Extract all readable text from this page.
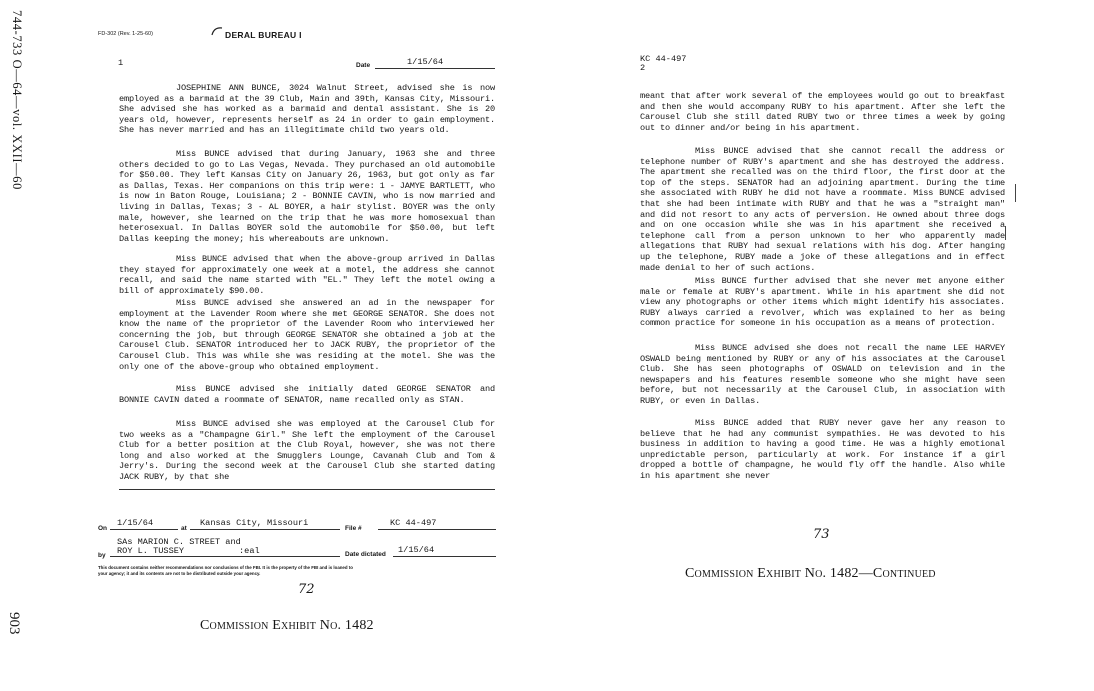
744-733 O—64—vol. XXII—60
903
FD-302 (Rev. 1-25-60)	DERAL BUREAU I
1	Date	1/15/64
JOSEPHINE ANN BUNCE, 3024 Walnut Street, advised she is now employed as a barmaid at the 39 Club, Main and 39th, Kansas City, Missouri. She advised she has worked as a barmaid and dental assistant. She is 20 years old, however, represents herself as 24 in order to gain employment. She has never married and has an illegitimate child two years old.
Miss BUNCE advised that during January, 1963 she and three others decided to go to Las Vegas, Nevada. They purchased an old automobile for $50.00. They left Kansas City on January 26, 1963, but got only as far as Dallas, Texas. Her companions on this trip were: 1 - JAMYE BARTLETT, who is now in Baton Rouge, Louisiana; 2 - BONNIE CAVIN, who is now married and living in Dallas, Texas; 3 - AL BOYER, a hair stylist. BOYER was the only male, however, she learned on the trip that he was more homosexual than heterosexual. In Dallas BOYER sold the automobile for $50.00, but left Dallas keeping the money; his whereabouts are unknown.
Miss BUNCE advised that when the above-group arrived in Dallas they stayed for approximately one week at a motel, the address she cannot recall, and said the name started with "EL." They left the motel owing a bill of approximately $90.00.
Miss BUNCE advised she answered an ad in the newspaper for employment at the Lavender Room where she met GEORGE SENATOR. She does not know the name of the proprietor of the Lavender Room who interviewed her concerning the job, but through GEORGE SENATOR she obtained a job at the Carousel Club. SENATOR introduced her to JACK RUBY, the proprietor of the Carousel Club. This was while she was residing at the motel. She was the only one of the above-group who obtained employment.
Miss BUNCE advised she initially dated GEORGE SENATOR and BONNIE CAVIN dated a roommate of SENATOR, name recalled only as STAN.
Miss BUNCE advised she was employed at the Carousel Club for two weeks as a "Champagne Girl." She left the employment of the Carousel Club for a better position at the Club Royal, however, she was not there long and also worked at the Smugglers Lounge, Cavanah Club and Tom & Jerry's. During the second week at the Carousel Club she started dating JACK RUBY, by that she
On
1/15/64
at
Kansas City, Missouri
File #
KC 44-497
SAs MARION C. STREET and
by ROY L. TUSSEY	:eal	Date dictated 1/15/64
This document contains neither recommendations nor conclusions of the FBI. It is the property of the FBI and is loaned to
your agency; it and its contents are not to be distributed outside your agency.
72
Commission Exhibit No. 1482
KC 44-497
2
meant that after work several of the employees would go out to breakfast and then she would accompany RUBY to his apartment. After she left the Carousel Club she still dated RUBY two or three times a week by going out to dinner and/or being in his apartment.
Miss BUNCE advised that she cannot recall the address or telephone number of RUBY's apartment and she has destroyed the address. The apartment she recalled was on the third floor, the first door at the top of the steps. SENATOR had an adjoining apartment. During the time she associated with RUBY he did not have a roommate. Miss BUNCE advised that she had been intimate with RUBY and that he was a "straight man" and did not resort to any acts of perversion. He owned about three dogs and on one occasion while she was in his apartment she received a telephone call from a person unknown to her who apparently made allegations that RUBY had sexual relations with his dog. After hanging up the telephone, RUBY made a joke of these allegations and in effect made denial to her of such actions.
Miss BUNCE further advised that she never met anyone either male or female at RUBY's apartment. While in his apartment she did not view any photographs or other items which might identify his associates. RUBY always carried a revolver, which was explained to her as being common practice for someone in his occupation as a means of protection.
Miss BUNCE advised she does not recall the name LEE HARVEY OSWALD being mentioned by RUBY or any of his associates at the Carousel Club. She has seen photographs of OSWALD on television and in the newspapers and his features resemble someone who she might have seen before, but not necessarily at the Carousel Club, in association with RUBY, or even in Dallas.
Miss BUNCE added that RUBY never gave her any reason to believe that he had any communist sympathies. He was devoted to his business in addition to having a good time. He was a highly emotional unpredictable person, particularly at work. For instance if a girl dropped a bottle of champagne, he would fly off the handle. Also while in his apartment she never
73
Commission Exhibit No. 1482—Continued
